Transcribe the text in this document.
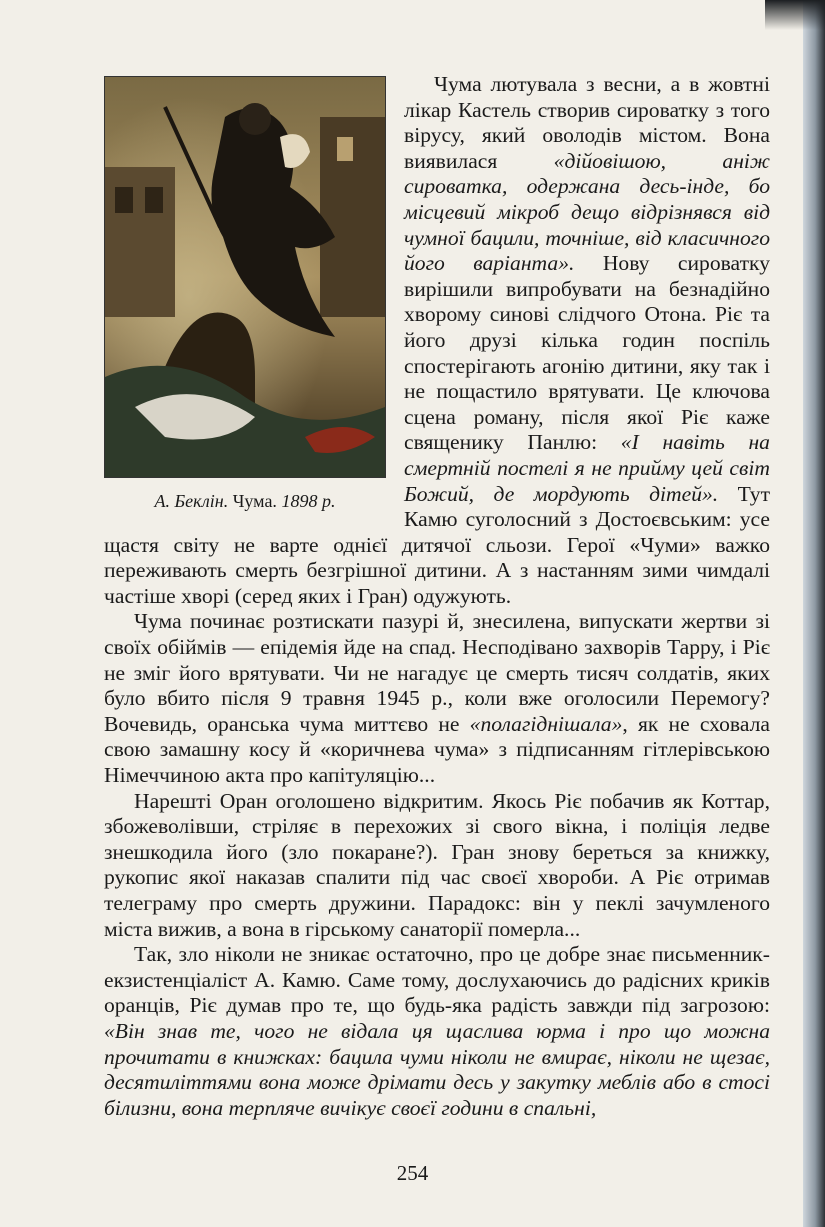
А. Беклін. Чума. 1898 р.

Чума лютувала з весни, а в жовтні лікар Кастель створив сироватку з того вірусу, який оволодів містом. Вона виявилася «дійовішою, аніж сироватка, одержана десь-інде, бо місцевий мікроб дещо відрізнявся від чумної бацили, точніше, від класичного його варіанта». Нову сироватку вирішили випробувати на безнадійно хворому синові слідчого Отона. Ріє та його друзі кілька годин поспіль спостерігають агонію дитини, яку так і не пощастило врятувати. Це ключова сцена роману, після якої Ріє каже священику Панлю: «І навіть на смертній постелі я не прийму цей світ Божий, де мордують дітей». Тут Камю суголосний з Достоєвським: усе щастя світу не варте однієї дитячої сльози. Герої «Чуми» важко переживають смерть безгрішної дитини. А з настанням зими чимдалі частіше хворі (серед яких і Гран) одужують.

Чума починає розтискати пазурі й, знесилена, випускати жертви зі своїх обіймів — епідемія йде на спад. Несподівано захворів Тарру, і Ріє не зміг його врятувати. Чи не нагадує це смерть тисяч солдатів, яких було вбито після 9 травня 1945 р., коли вже оголосили Перемогу? Вочевидь, оранська чума миттєво не «полагіднішала», як не сховала свою замашну косу й «коричнева чума» з підписанням гітлерівською Німеччиною акта про капітуляцію...

Нарешті Оран оголошено відкритим. Якось Ріє побачив як Коттар, збожеволівши, стріляє в перехожих зі свого вікна, і поліція ледве знешкодила його (зло покаране?). Гран знову береться за книжку, рукопис якої наказав спалити під час своєї хвороби. А Ріє отримав телеграму про смерть дружини. Парадокс: він у пеклі зачумленого міста вижив, а вона в гірському санаторії померла...

Так, зло ніколи не зникає остаточно, про це добре знає письменник-екзистенціаліст А. Камю. Саме тому, дослухаючись до радісних криків оранців, Ріє думав про те, що будь-яка радість завжди під загрозою: «Він знав те, чого не відала ця щаслива юрма і про що можна прочитати в книжках: бацила чуми ніколи не вмирає, ніколи не щезає, десятиліттями вона може дрімати десь у закутку меблів або в стосі білизни, вона терпляче вичікує своєї години в спальні,

254
